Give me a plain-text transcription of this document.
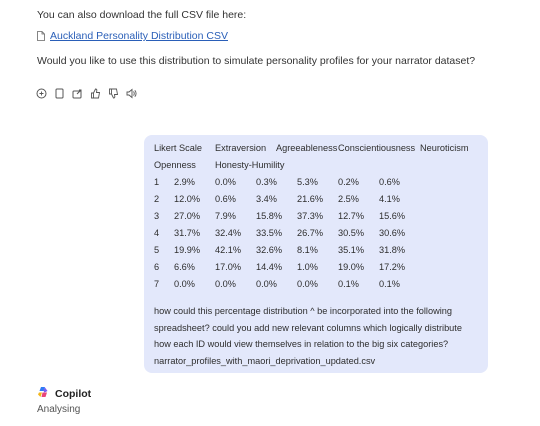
You can also download the full CSV file here:
Auckland Personality Distribution CSV
Would you like to use this distribution to simulate personality profiles for your narrator dataset?
Likert Scale Extraversion Agreeableness Conscientiousness Neuroticism
Openness Honesty-Humility
1 2.9% 0.0% 0.3% 5.3% 0.2% 0.6%
2 12.0% 0.6% 3.4% 21.6% 2.5% 4.1%
3 27.0% 7.9% 15.8% 37.3% 12.7% 15.6%
4 31.7% 32.4% 33.5% 26.7% 30.5% 30.6%
5 19.9% 42.1% 32.6% 8.1% 35.1% 31.8%
6 6.6% 17.0% 14.4% 1.0% 19.0% 17.2%
7 0.0% 0.0% 0.0% 0.0% 0.1% 0.1%
how could this percentage distribution ^ be incorporated into the following
spreadsheet? could you add new relevant columns which logically distribute
how each ID would view themselves in relation to the big six categories?
narrator_profiles_with_maori_deprivation_updated.csv
Copilot
Analysing
